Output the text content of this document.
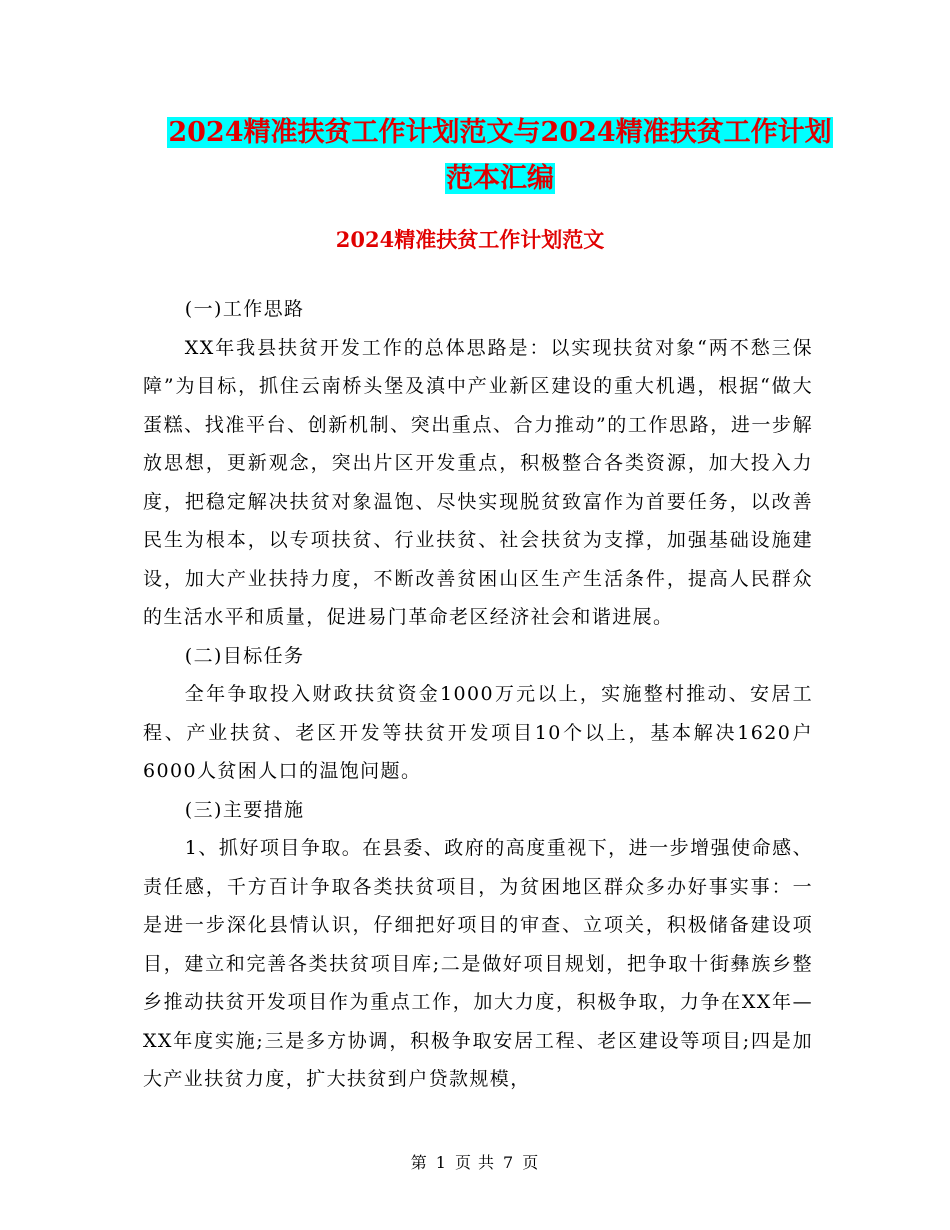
2024精准扶贫工作计划范文与2024精准扶贫工作计划
范本汇编
2024精准扶贫工作计划范文

(一)工作思路

XX年我县扶贫开发工作的总体思路是：以实现扶贫对象“两不愁三保障”为目标，抓住云南桥头堡及滇中产业新区建设的重大机遇，根据“做大蛋糕、找准平台、创新机制、突出重点、合力推动”的工作思路，进一步解放思想，更新观念，突出片区开发重点，积极整合各类资源，加大投入力度，把稳定解决扶贫对象温饱、尽快实现脱贫致富作为首要任务，以改善民生为根本，以专项扶贫、行业扶贫、社会扶贫为支撑，加强基础设施建设，加大产业扶持力度，不断改善贫困山区生产生活条件，提高人民群众的生活水平和质量，促进易门革命老区经济社会和谐进展。

(二)目标任务

全年争取投入财政扶贫资金1000万元以上，实施整村推动、安居工程、产业扶贫、老区开发等扶贫开发项目10个以上，基本解决1620户6000人贫困人口的温饱问题。

(三)主要措施

1、抓好项目争取。在县委、政府的高度重视下，进一步增强使命感、责任感，千方百计争取各类扶贫项目，为贫困地区群众多办好事实事：一是进一步深化县情认识，仔细把好项目的审查、立项关，积极储备建设项目，建立和完善各类扶贫项目库;二是做好项目规划，把争取十街彝族乡整乡推动扶贫开发项目作为重点工作，加大力度，积极争取，力争在XX年—XX年度实施;三是多方协调，积极争取安居工程、老区建设等项目;四是加大产业扶贫力度，扩大扶贫到户贷款规模，

第 1 页 共 7 页
